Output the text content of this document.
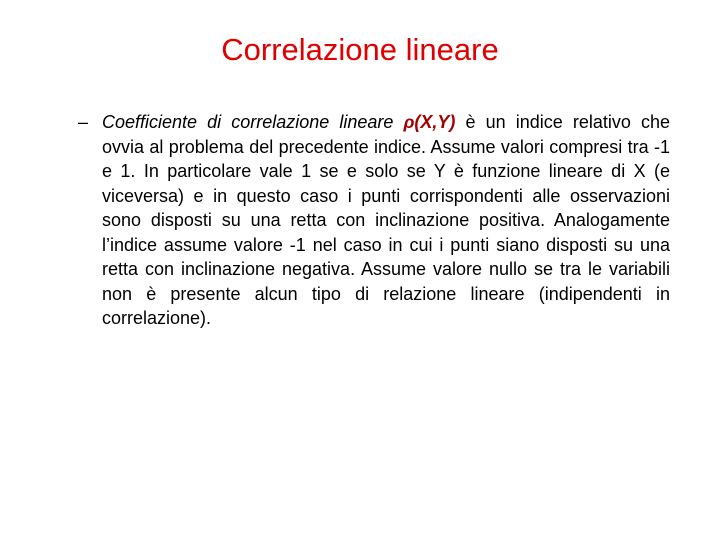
Correlazione lineare
– Coefficiente di correlazione lineare ρ(X,Y) è un indice relativo che ovvia al problema del precedente indice. Assume valori compresi tra -1 e 1. In particolare vale 1 se e solo se Y è funzione lineare di X (e viceversa) e in questo caso i punti corrispondenti alle osservazioni sono disposti su una retta con inclinazione positiva. Analogamente l’indice assume valore -1 nel caso in cui i punti siano disposti su una retta con inclinazione negativa. Assume valore nullo se tra le variabili non è presente alcun tipo di relazione lineare (indipendenti in correlazione).
